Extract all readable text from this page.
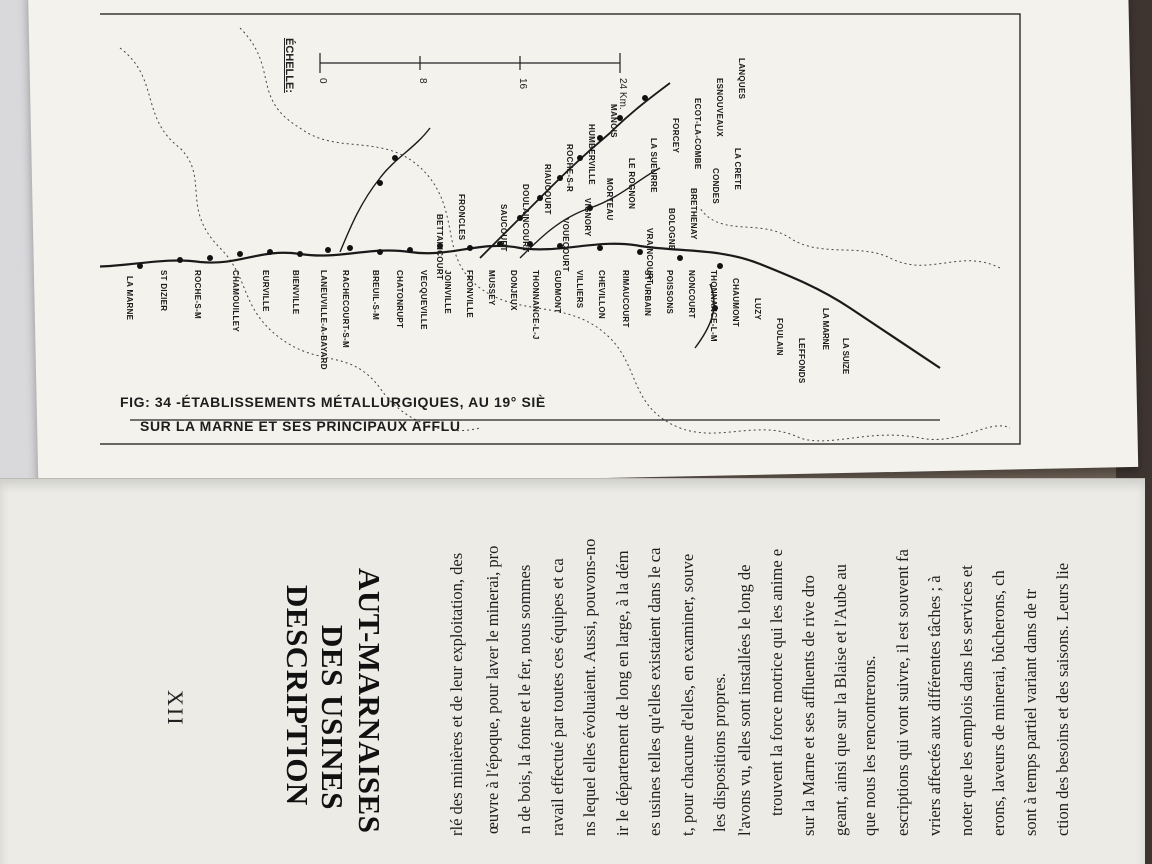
LA MARNE	ST DIZIER	ROCHE-S-M	CHAMOUILLEY	EURVILLE	BIENVILLE LANEUVILLE-A-BAYARD RACHECOURT-S-M	BREUIL-S-M CHATONRUPT VECQUEVILLE JOINVILLE FRONVILLE MUSSEY DONJEUX THONNANCE-L-J GUDMONT VILLIERS CHEVILLON RIMAUCOURT ST URBAIN POISSONS NONCOURT THONNANCE-L-M
SAUCOURT DOULAINCOURT RIAUCOURT ROCHE-S-R HUMBERVILLE
MANOIS
BETTAINCOURT FRONCLES
VOUECOURT
VIGNORY MORTEAU LE ROGNON LA SUEURRE
FORCEY ECOT-LA-COMBE ESNOUVEAUX LANQUES
VRAINCOURT BOLOGNE BRETHENAY
CONDES LA CRETE
CHAUMONT LUZY
FOULAIN
LEFFONDS
LA MARNE
LA SUIZE
ÉCHELLE: 0	8	16	24 Km.
FIG: 34 -ÉTABLISSEMENTS MÉTALLURGIQUES, AU 19° SIÈ
SUR LA MARNE ET SES PRINCIPAUX AFFLU
XII	DESCRIPTION DES USINES AUT-MARNAISES	rlé des minières et de leur exploitation, des	œuvre à l'époque, pour laver le minerai, pro n de bois, la fonte et le fer, nous sommes ravail effectué par toutes ces équipes et ca ns lequel elles évoluaient. Aussi, pouvons-no ir le département de long en large, à la dém es usines telles qu'elles existaient dans le ca t, pour chacune d'elles, en examiner, souve les dispositions propres. l'avons vu, elles sont installées le long de trouvent la force motrice qui les anime e sur la Marne et ses affluents de rive dro geant, ainsi que sur la Blaise et l'Aube au que nous les rencontrerons. escriptions qui vont suivre, il est souvent fa vriers affectés aux différentes tâches ; à noter que les emplois dans les services et erons, laveurs de minerai, bûcherons, ch sont à temps partiel variant dans de tr ction des besoins et des saisons. Leurs lie
